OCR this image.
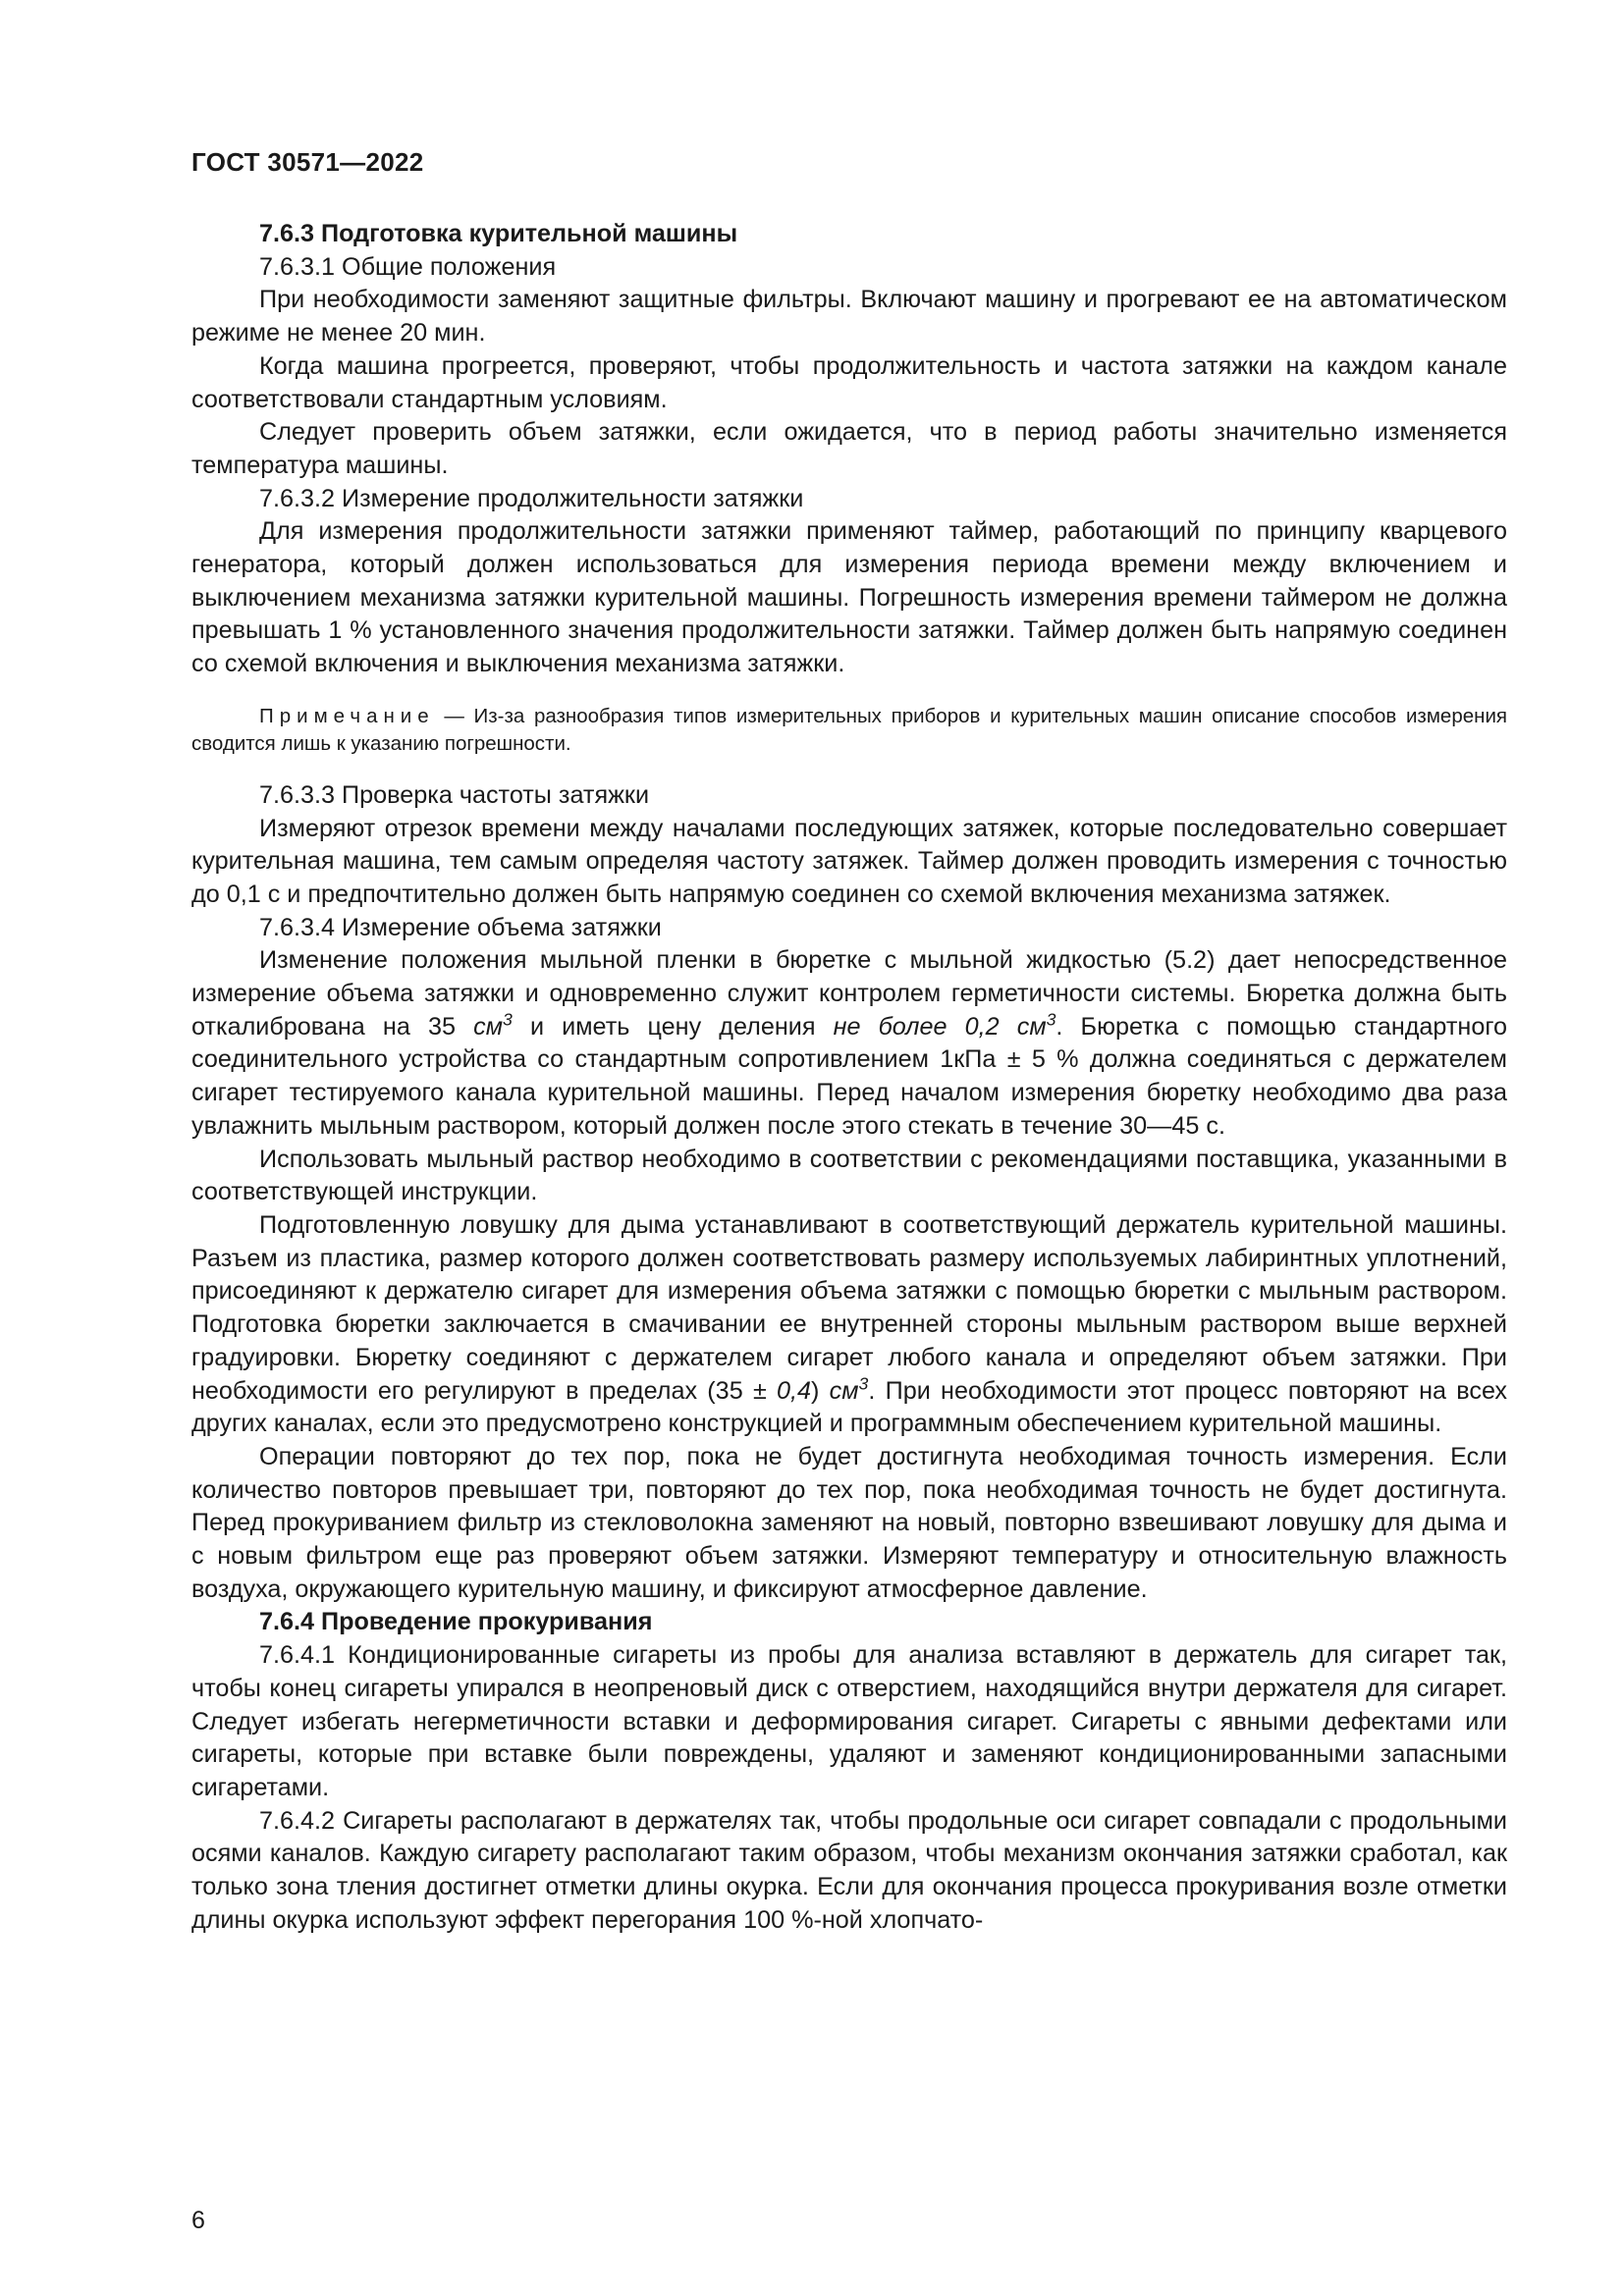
ГОСТ 30571—2022

7.6.3 Подготовка курительной машины

7.6.3.1 Общие положения

При необходимости заменяют защитные фильтры. Включают машину и прогревают ее на автоматическом режиме не менее 20 мин.

Когда машина прогреется, проверяют, чтобы продолжительность и частота затяжки на каждом канале соответствовали стандартным условиям.

Следует проверить объем затяжки, если ожидается, что в период работы значительно изменяется температура машины.

7.6.3.2 Измерение продолжительности затяжки

Для измерения продолжительности затяжки применяют таймер, работающий по принципу кварцевого генератора, который должен использоваться для измерения периода времени между включением и выключением механизма затяжки курительной машины. Погрешность измерения времени таймером не должна превышать 1 % установленного значения продолжительности затяжки. Таймер должен быть напрямую соединен со схемой включения и выключения механизма затяжки.

Примечание — Из-за разнообразия типов измерительных приборов и курительных машин описание способов измерения сводится лишь к указанию погрешности.

7.6.3.3 Проверка частоты затяжки

Измеряют отрезок времени между началами последующих затяжек, которые последовательно совершает курительная машина, тем самым определяя частоту затяжек. Таймер должен проводить измерения с точностью до 0,1 с и предпочтительно должен быть напрямую соединен со схемой включения механизма затяжек.

7.6.3.4 Измерение объема затяжки

Изменение положения мыльной пленки в бюретке с мыльной жидкостью (5.2) дает непосредственное измерение объема затяжки и одновременно служит контролем герметичности системы. Бюретка должна быть откалибрована на 35 $см^3$ и иметь цену деления не более 0,2 $см^3$. Бюретка с помощью стандартного соединительного устройства со стандартным сопротивлением 1кПа ± 5 % должна соединяться с держателем сигарет тестируемого канала курительной машины. Перед началом измерения бюретку необходимо два раза увлажнить мыльным раствором, который должен после этого стекать в течение 30—45 с.

Использовать мыльный раствор необходимо в соответствии с рекомендациями поставщика, указанными в соответствующей инструкции.

Подготовленную ловушку для дыма устанавливают в соответствующий держатель курительной машины. Разъем из пластика, размер которого должен соответствовать размеру используемых лабиринтных уплотнений, присоединяют к держателю сигарет для измерения объема затяжки с помощью бюретки с мыльным раствором. Подготовка бюретки заключается в смачивании ее внутренней стороны мыльным раствором выше верхней градуировки. Бюретку соединяют с держателем сигарет любого канала и определяют объем затяжки. При необходимости его регулируют в пределах (35 ± 0,4) $см^3$. При необходимости этот процесс повторяют на всех других каналах, если это предусмотрено конструкцией и программным обеспечением курительной машины.

Операции повторяют до тех пор, пока не будет достигнута необходимая точность измерения. Если количество повторов превышает три, повторяют до тех пор, пока необходимая точность не будет достигнута. Перед прокуриванием фильтр из стекловолокна заменяют на новый, повторно взвешивают ловушку для дыма и с новым фильтром еще раз проверяют объем затяжки. Измеряют температуру и относительную влажность воздуха, окружающего курительную машину, и фиксируют атмосферное давление.

7.6.4 Проведение прокуривания

7.6.4.1 Кондиционированные сигареты из пробы для анализа вставляют в держатель для сигарет так, чтобы конец сигареты упирался в неопреновый диск с отверстием, находящийся внутри держателя для сигарет. Следует избегать негерметичности вставки и деформирования сигарет. Сигареты с явными дефектами или сигареты, которые при вставке были повреждены, удаляют и заменяют кондиционированными запасными сигаретами.

7.6.4.2 Сигареты располагают в держателях так, чтобы продольные оси сигарет совпадали с продольными осями каналов. Каждую сигарету располагают таким образом, чтобы механизм окончания затяжки сработал, как только зона тления достигнет отметки длины окурка. Если для окончания процесса прокуривания возле отметки длины окурка используют эффект перегорания 100 %-ной хлопчато-

6
